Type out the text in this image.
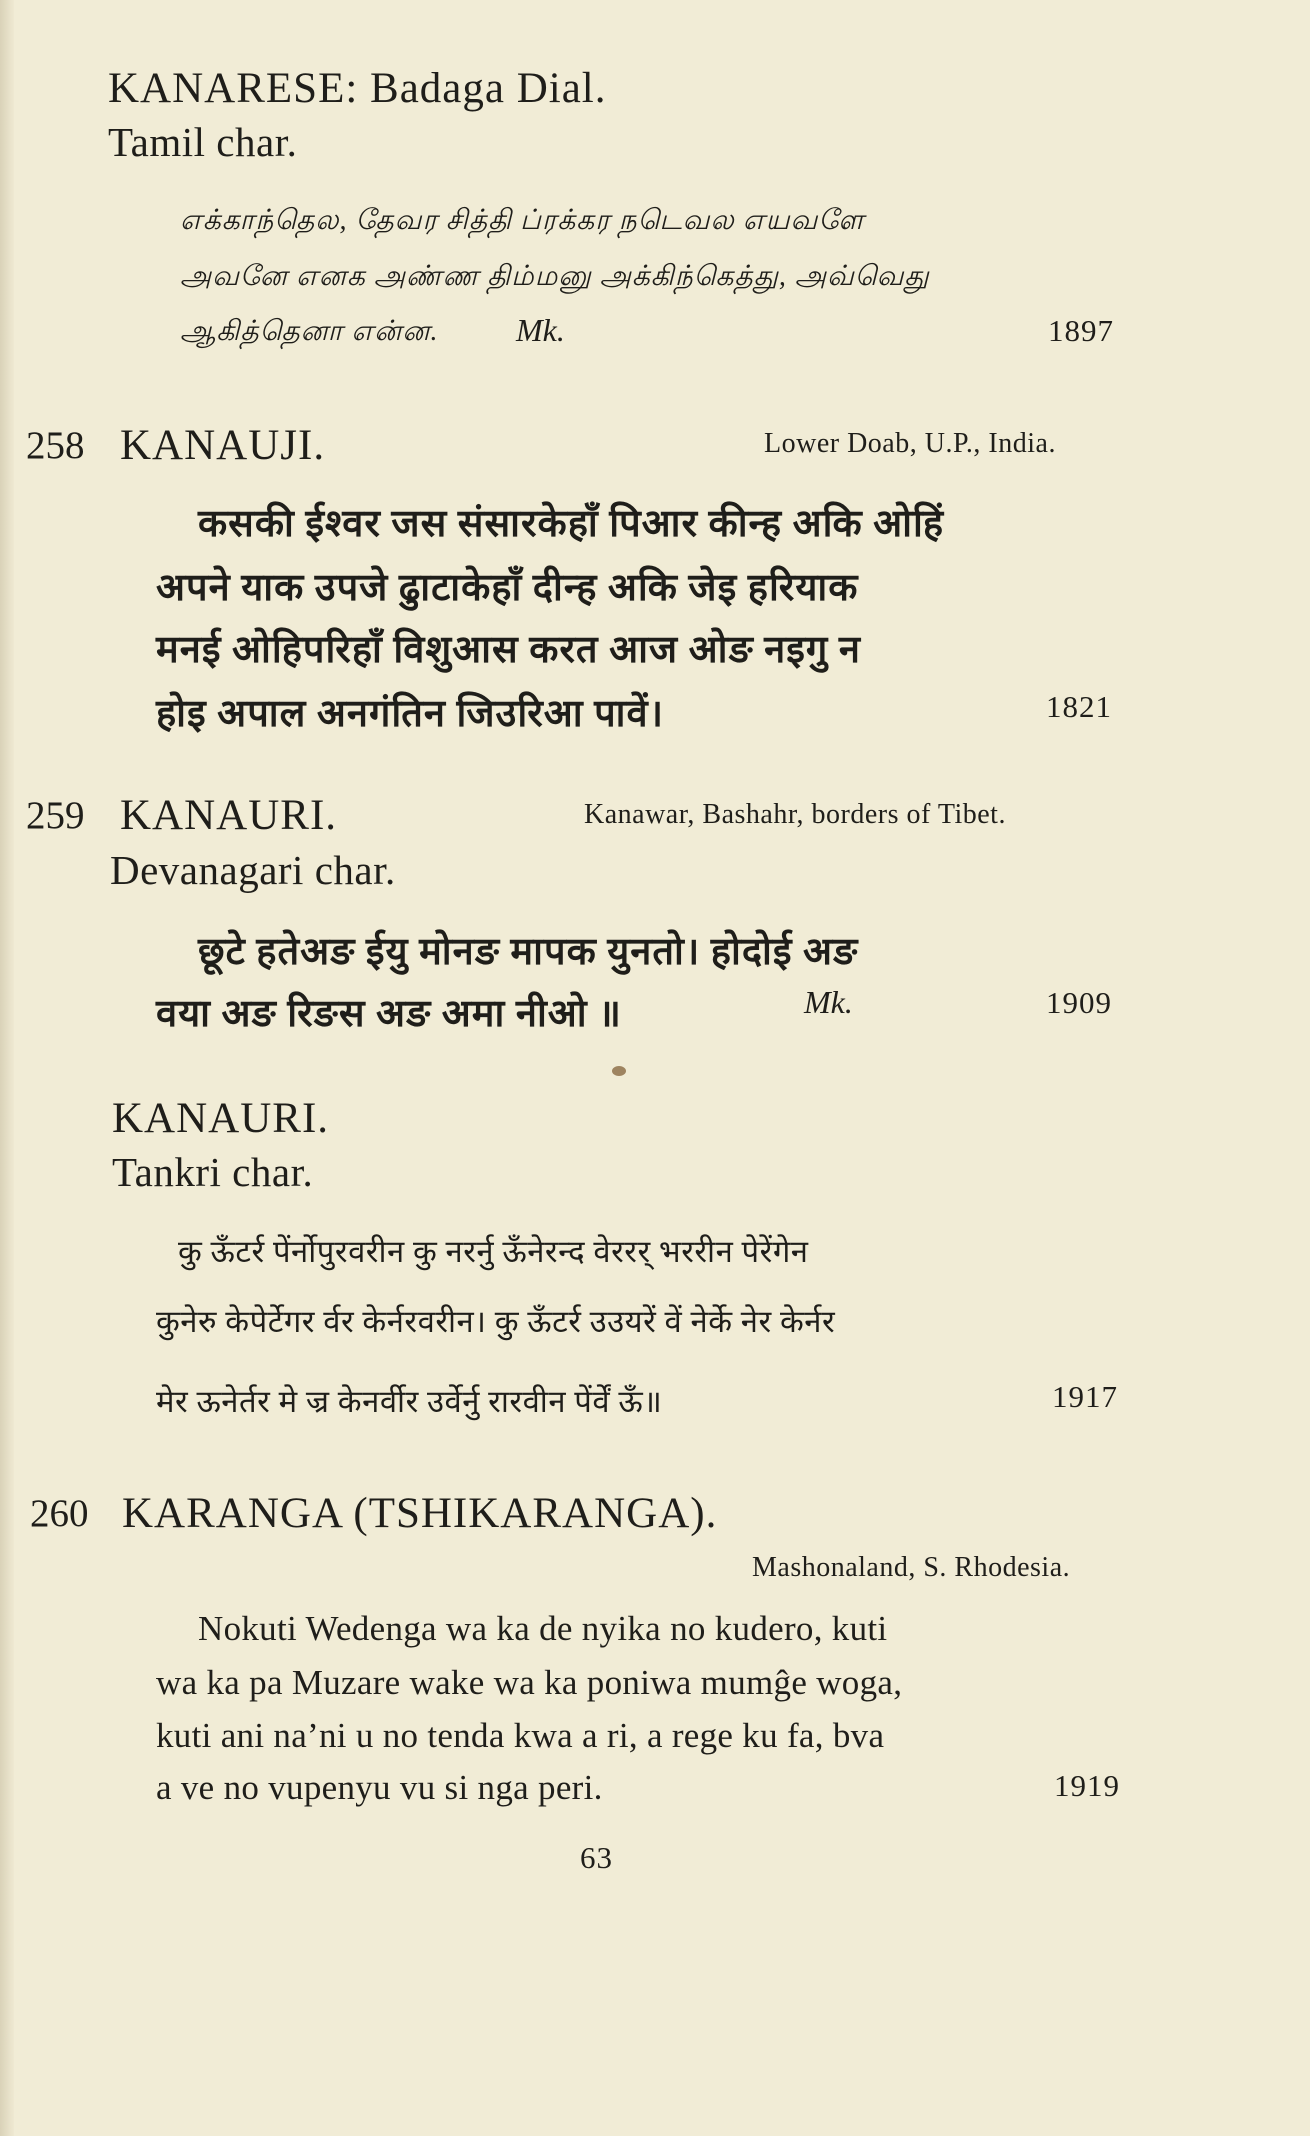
KANARESE: Badaga Dial.
Tamil char.
எக்காந்தெல, தேவர சித்தி ப்ரக்கர நடெவல எயவளே
அவனே எனக அண்ண திம்மனு அக்கிந்கெத்து, அவ்வெது
ஆகித்தெனா என்ன. Mk.	1897
258 KANAUJI.	Lower Doab, U.P., India.
कसकी ईश्वर जस संसारकेहाँ पिआर कीन्ह अकि ओहिं
अपने याक उपजे ढुाटाकेहाँ दीन्ह अकि जेइ हरियाक
मनई ओहिपरिहाँ विशुआस करत आज ओङ नइगु न
होइ अपाल अनगंतिन जिउरिआ पावें।	1821
259 KANAURI.	Kanawar, Bashahr, borders of Tibet.
Devanagari char.
छूटे हतेअङ ईयु मोनङ मापक युनतो। होदोई अङ
वया अङ रिङस अङ अमा नीओ ॥	Mk.	1909
KANAURI.
Tankri char.
कु ऊँटर्र पेंर्नोपुरवरीन कु नरर्नु ऊँनेरन्द वेररर् भररीन पेरेंगेन
कुनेरु केपेर्टेगर र्वर केर्नरवरीन। कु ऊँटर्र उउयरें वें नेर्के नेर केर्नर
मेर ऊनेर्तर मे ज्र केनर्वीर उर्वेर्नु रारवीन पेंर्वें ऊँ॥	1917
260 KARANGA (TSHIKARANGA).
Mashonaland, S. Rhodesia.
Nokuti Wedenga wa ka de nyika no kudero, kuti
wa ka pa Muzare wake wa ka poniwa mumĝe woga,
kuti ani na’ni u no tenda kwa a ri, a rege ku fa, bva
a ve no vupenyu vu si nga peri.	1919
63
